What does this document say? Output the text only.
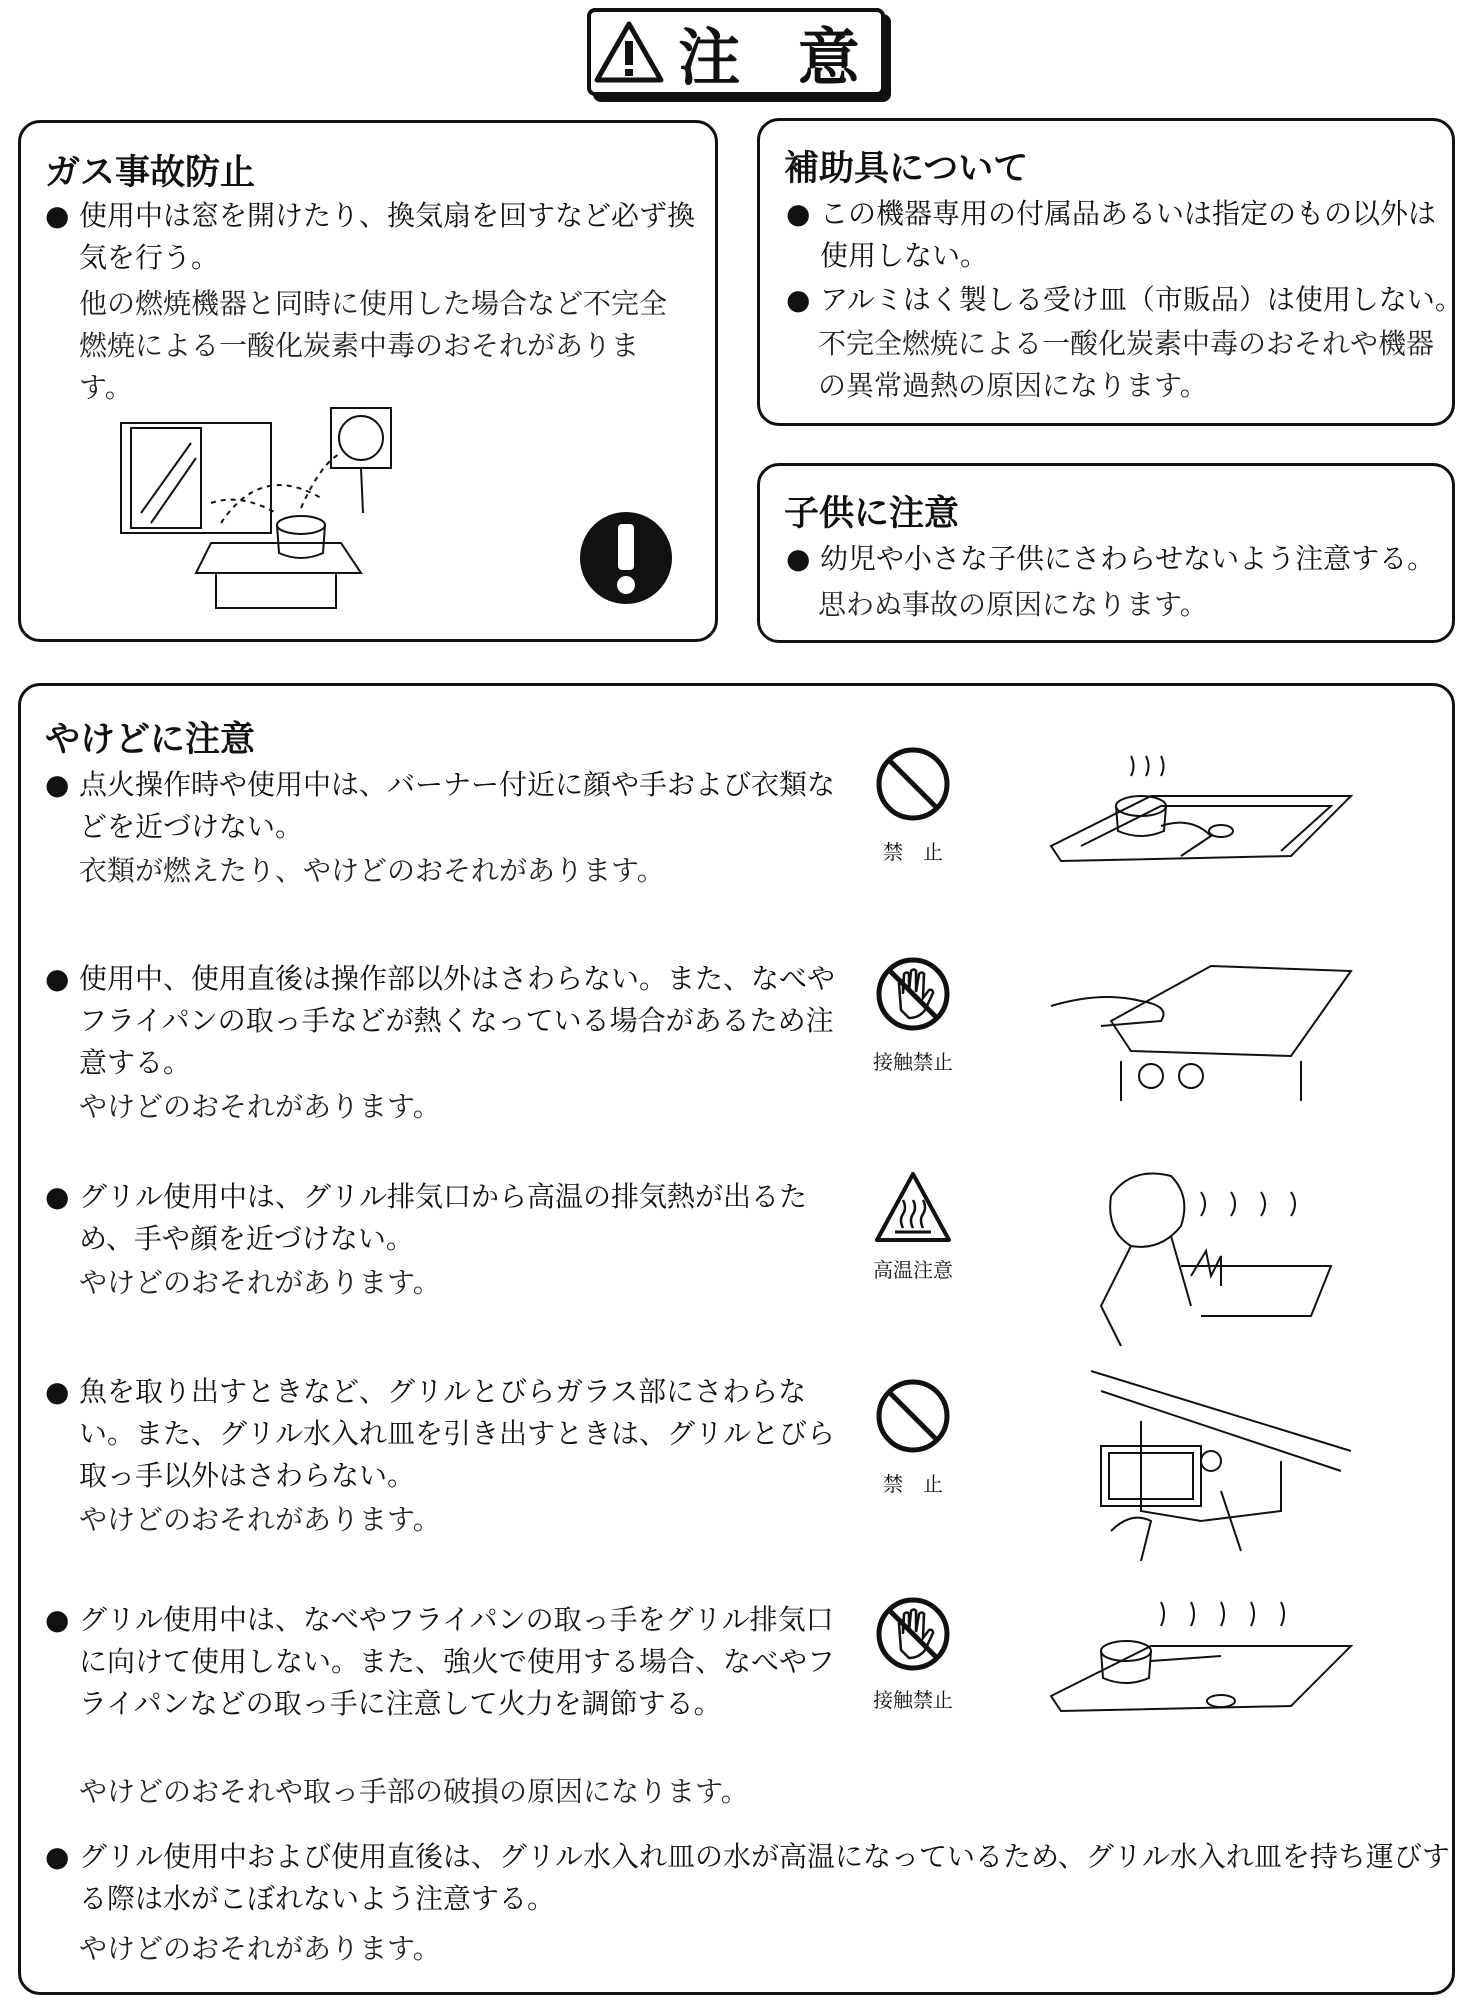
注 意
ガス事故防止
● 使用中は窓を開けたり、換気扇を回すなど必ず換気を行う。
他の燃焼機器と同時に使用した場合など不完全燃焼による一酸化炭素中毒のおそれがあります。
補助具について
● この機器専用の付属品あるいは指定のもの以外は使用しない。
● アルミはく製しる受け皿（市販品）は使用しない。
不完全燃焼による一酸化炭素中毒のおそれや機器の異常過熱の原因になります。
子供に注意
● 幼児や小さな子供にさわらせないよう注意する。
思わぬ事故の原因になります。
やけどに注意
● 点火操作時や使用中は、バーナー付近に顔や手および衣類などを近づけない。
衣類が燃えたり、やけどのおそれがあります。
禁　止
● 使用中、使用直後は操作部以外はさわらない。また、なべやフライパンの取っ手などが熱くなっている場合があるため注意する。
やけどのおそれがあります。
接触禁止
● グリル使用中は、グリル排気口から高温の排気熱が出るため、手や顔を近づけない。
やけどのおそれがあります。	高温注意
● 魚を取り出すときなど、グリルとびらガラス部にさわらない。また、グリル水入れ皿を引き出すときは、グリルとびら取っ手以外はさわらない。
やけどのおそれがあります。
禁　止
● グリル使用中は、なべやフライパンの取っ手をグリル排気口に向けて使用しない。また、強火で使用する場合、なべやフライパンなどの取っ手に注意して火力を調節する。
やけどのおそれや取っ手部の破損の原因になります。
接触禁止
● グリル使用中および使用直後は、グリル水入れ皿の水が高温になっているため、グリル水入れ皿を持ち運びする際は水がこぼれないよう注意する。
やけどのおそれがあります。
